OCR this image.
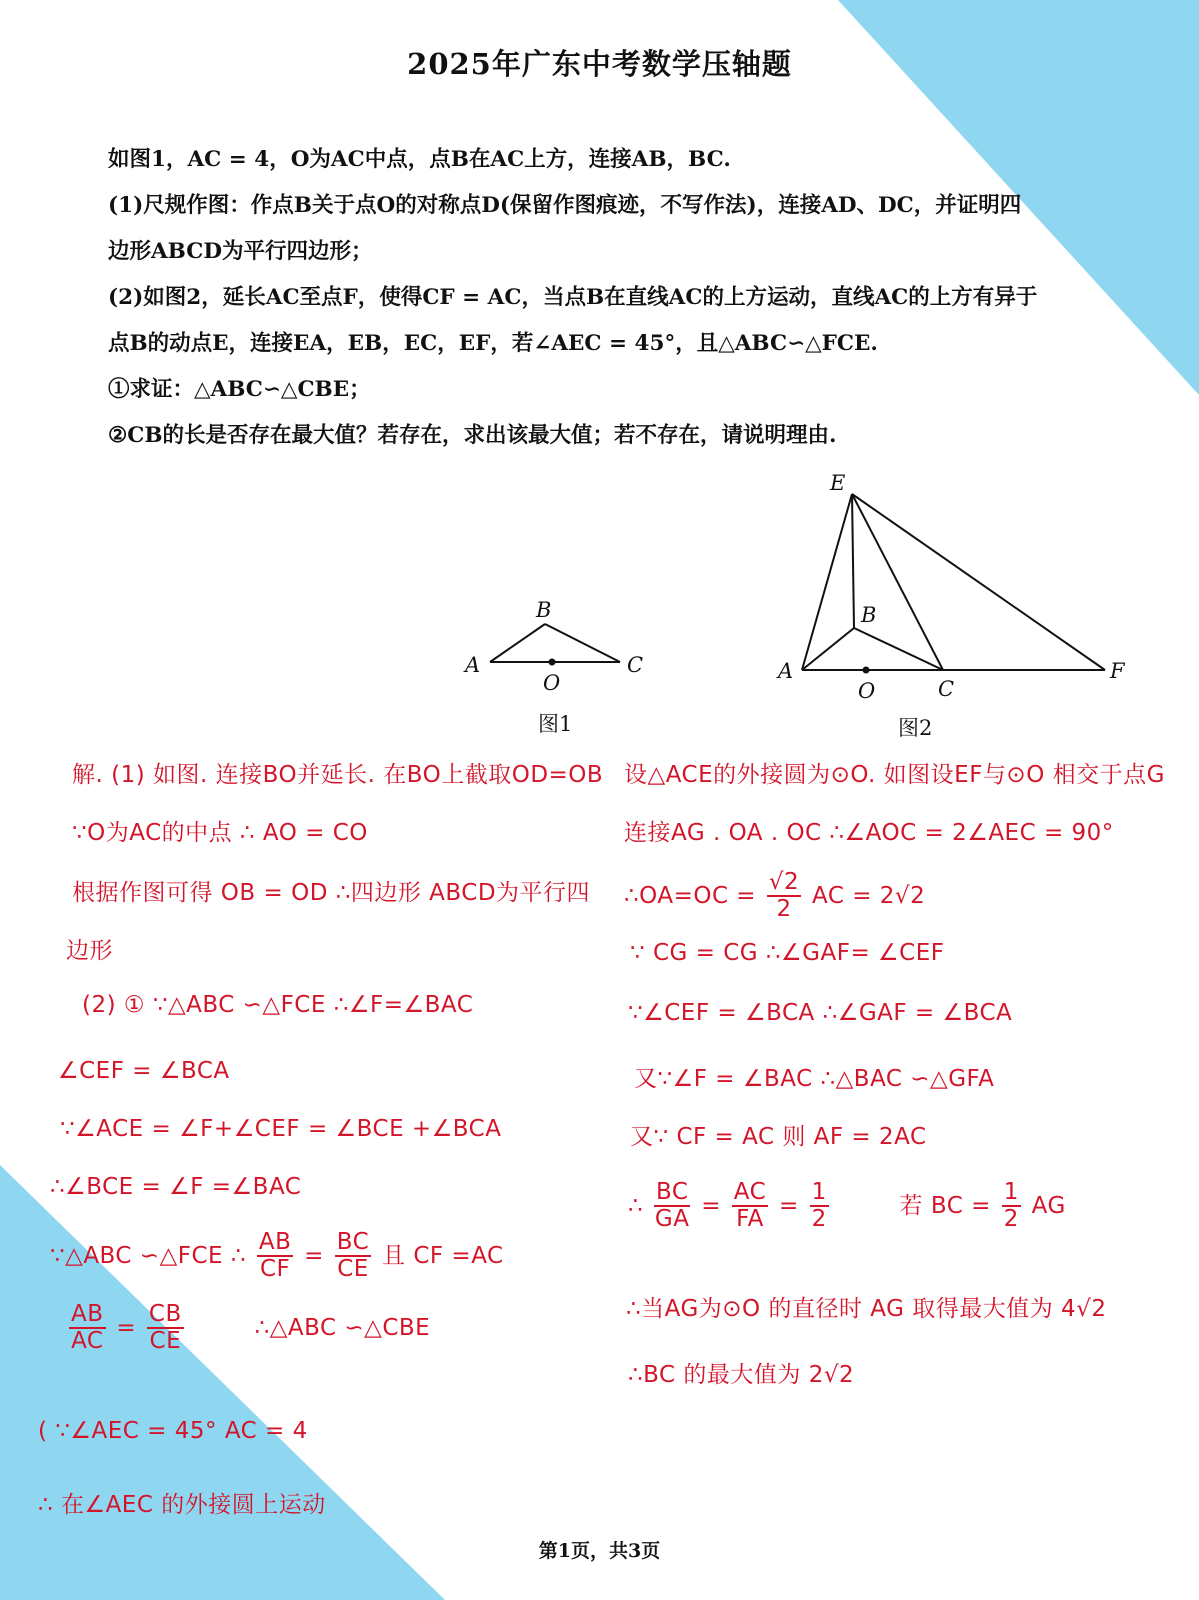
2025年广东中考数学压轴题
如图1，AC = 4，O为AC中点，点B在AC上方，连接AB，BC.
(1)尺规作图：作点B关于点O的对称点D(保留作图痕迹，不写作法)，连接AD、DC，并证明四
边形ABCD为平行四边形；
(2)如图2，延长AC至点F，使得CF = AC，当点B在直线AC的上方运动，直线AC的上方有异于
点B的动点E，连接EA，EB，EC，EF，若∠AEC = 45°，且△ABC∽△FCE.
①求证：△ABC∽△CBE；
②CB的长是否存在最大值？若存在，求出该最大值；若不存在，请说明理由.
A
B
C
O
E
B
A
O	C
F
图1	图2
解. (1) 如图. 连接BO并延长. 在BO上截取OD=OB
∵O为AC的中点 ∴ AO = CO
根据作图可得 OB = OD ∴四边形 ABCD为平行四
边形
(2) ① ∵△ABC ∽△FCE ∴∠F=∠BAC
∠CEF = ∠BCA
∵∠ACE = ∠F+∠CEF = ∠BCE +∠BCA
∴∠BCE = ∠F =∠BAC
∵△ABC ∽△FCE ∴ $\frac{AB}{CF} = \frac{BC}{CE}$ 且 CF =AC
$\frac{AB}{AC} = \frac{CB}{CE}$	∴△ABC ∽△CBE
( ∵∠AEC = 45° AC = 4
∴ 在∠AEC 的外接圆上运动
设△ACE的外接圆为⊙O. 如图设EF与⊙O 相交于点G
连接AG . OA . OC ∴∠AOC = 2∠AEC = 90°
∴OA=OC = $\frac{√2}{2}$ AC = 2√2
∵ CG = CG ∴∠GAF= ∠CEF
∵∠CEF = ∠BCA ∴∠GAF = ∠BCA
又∵∠F = ∠BAC ∴△BAC ∽△GFA
又∵ CF = AC 则 AF = 2AC
∴ $\frac{BC}{GA} = \frac{AC}{FA} = \frac{1}{2}$	若 BC = $\frac{1}{2}$ AG
∴当AG为⊙O 的直径时 AG 取得最大值为 4√2
∴BC 的最大值为 2√2
第1页，共3页
